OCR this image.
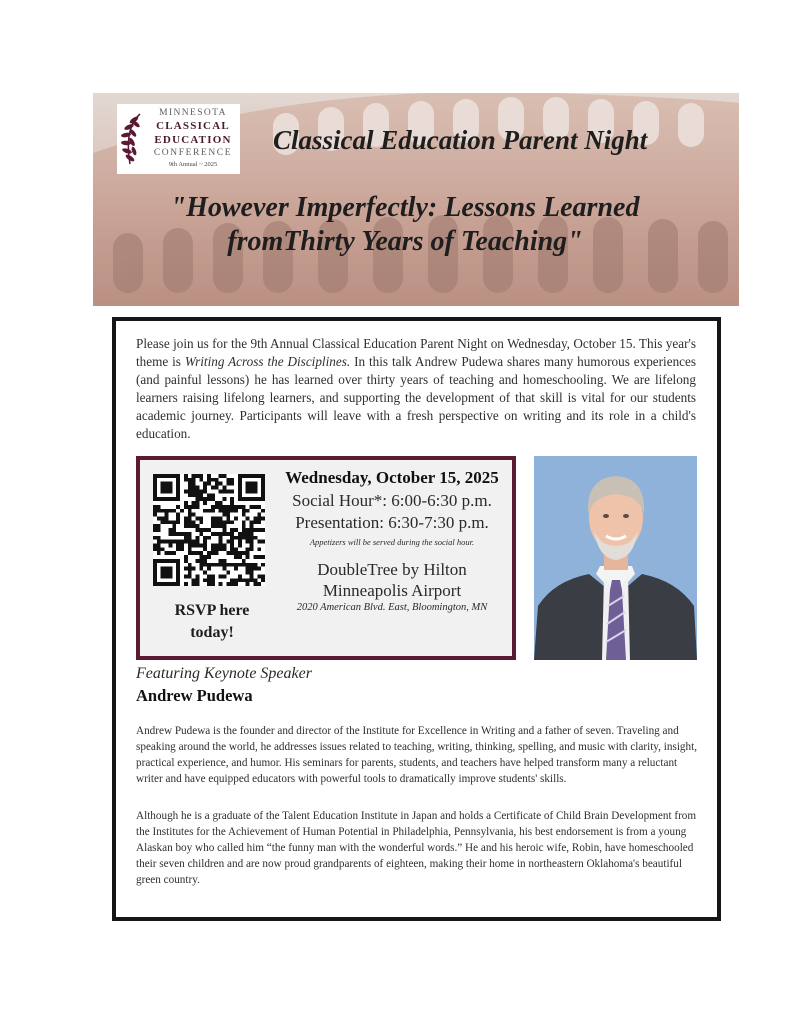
MINNESOTA
CLASSICAL
EDUCATION
CONFERENCE
9th Annual ~ 2025
Classical Education Parent Night
"However Imperfectly: Lessons Learned
fromThirty Years of Teaching"

Please join us for the 9th Annual Classical Education Parent Night on Wednesday, October 15. This year's theme is Writing Across the Disciplines. In this talk Andrew Pudewa shares many humorous experiences (and painful lessons) he has learned over thirty years of teaching and homeschooling. We are lifelong learners raising lifelong learners, and supporting the development of that skill is vital for our students academic journey. Participants will leave with a fresh perspective on writing and its role in a child's education.

RSVP here
today!
Wednesday, October 15, 2025
Social Hour*: 6:00-6:30 p.m.
Presentation: 6:30-7:30 p.m.
Appetizers will be served during the social hour.
DoubleTree by Hilton
Minneapolis Airport
2020 American Blvd. East, Bloomington, MN
Featuring Keynote Speaker
Andrew Pudewa

Andrew Pudewa is the founder and director of the Institute for Excellence in Writing and a father of seven. Traveling and speaking around the world, he addresses issues related to teaching, writing, thinking, spelling, and music with clarity, insight, practical experience, and humor. His seminars for parents, students, and teachers have helped transform many a reluctant writer and have equipped educators with powerful tools to dramatically improve students' skills.

Although he is a graduate of the Talent Education Institute in Japan and holds a Certificate of Child Brain Development from the Institutes for the Achievement of Human Potential in Philadelphia, Pennsylvania, his best endorsement is from a young Alaskan boy who called him “the funny man with the wonderful words.” He and his heroic wife, Robin, have homeschooled their seven children and are now proud grandparents of eighteen, making their home in northeastern Oklahoma's beautiful green country.
